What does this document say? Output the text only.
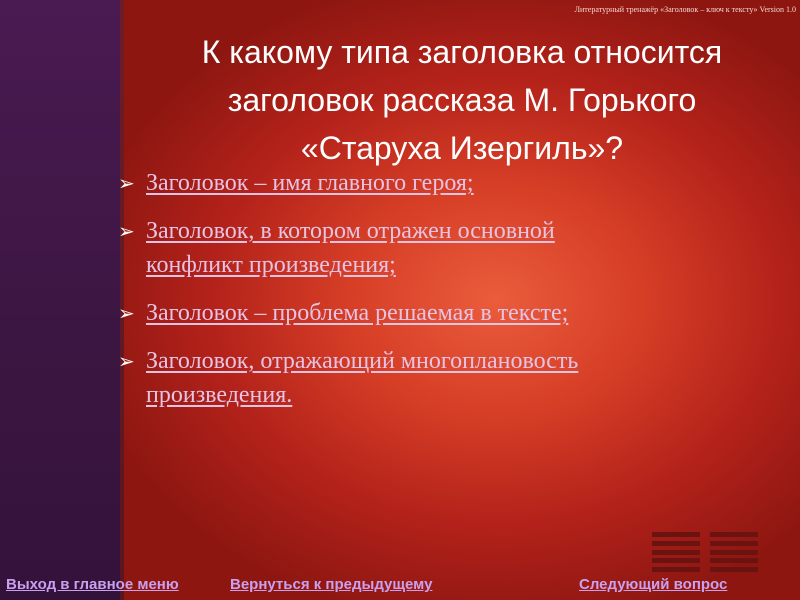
Литературный тренажёр «Заголовок – ключ к тексту» Version 1.0
К какому типа заголовка относится
заголовок рассказа М. Горького
«Старуха Изергиль»?
➢ Заголовок – имя главного героя;
➢ Заголовок, в котором отражен основной
конфликт произведения;
➢ Заголовок – проблема решаемая в тексте;
➢ Заголовок, отражающий многоплановость
произведения.
Выход в главное меню	Вернуться к предыдущему	Следующий вопрос
